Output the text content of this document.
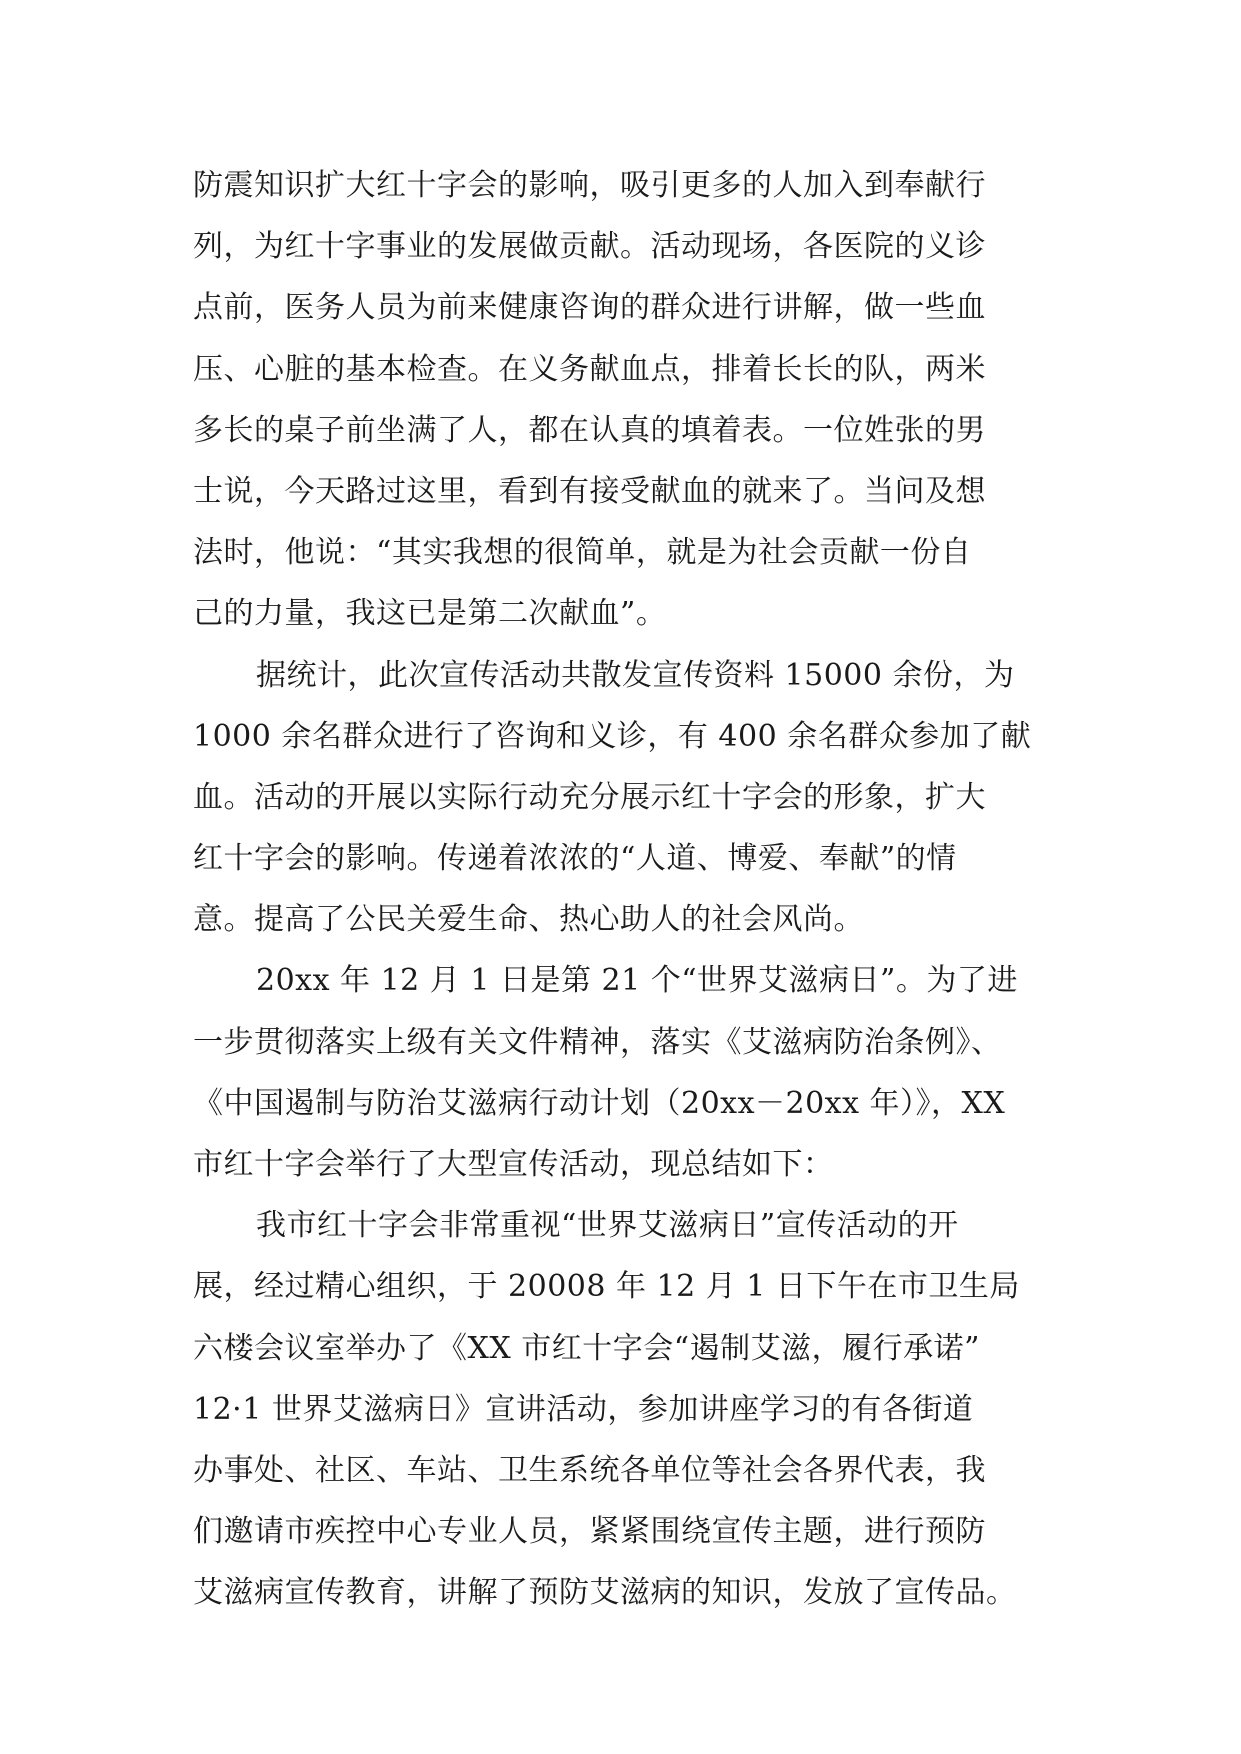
防震知识扩大红十字会的影响，吸引更多的人加入到奉献行
列，为红十字事业的发展做贡献。活动现场，各医院的义诊
点前，医务人员为前来健康咨询的群众进行讲解，做一些血
压、心脏的基本检查。在义务献血点，排着长长的队，两米
多长的桌子前坐满了人，都在认真的填着表。一位姓张的男
士说，今天路过这里，看到有接受献血的就来了。当问及想
法时，他说：“其实我想的很简单，就是为社会贡献一份自
己的力量，我这已是第二次献血”。
据统计，此次宣传活动共散发宣传资料 15000 余份，为
1000 余名群众进行了咨询和义诊，有 400 余名群众参加了献
血。活动的开展以实际行动充分展示红十字会的形象，扩大
红十字会的影响。传递着浓浓的“人道、博爱、奉献”的情
意。提高了公民关爱生命、热心助人的社会风尚。
20xx 年 12 月 1 日是第 21 个“世界艾滋病日”。为了进
一步贯彻落实上级有关文件精神，落实《艾滋病防治条例》、
《中国遏制与防治艾滋病行动计划（20xx－20xx 年）》，XX
市红十字会举行了大型宣传活动，现总结如下：
我市红十字会非常重视“世界艾滋病日”宣传活动的开
展，经过精心组织，于 20008 年 12 月 1 日下午在市卫生局
六楼会议室举办了《XX 市红十字会“遏制艾滋，履行承诺”
12·1 世界艾滋病日》宣讲活动，参加讲座学习的有各街道
办事处、社区、车站、卫生系统各单位等社会各界代表，我
们邀请市疾控中心专业人员，紧紧围绕宣传主题，进行预防
艾滋病宣传教育，讲解了预防艾滋病的知识，发放了宣传品。
